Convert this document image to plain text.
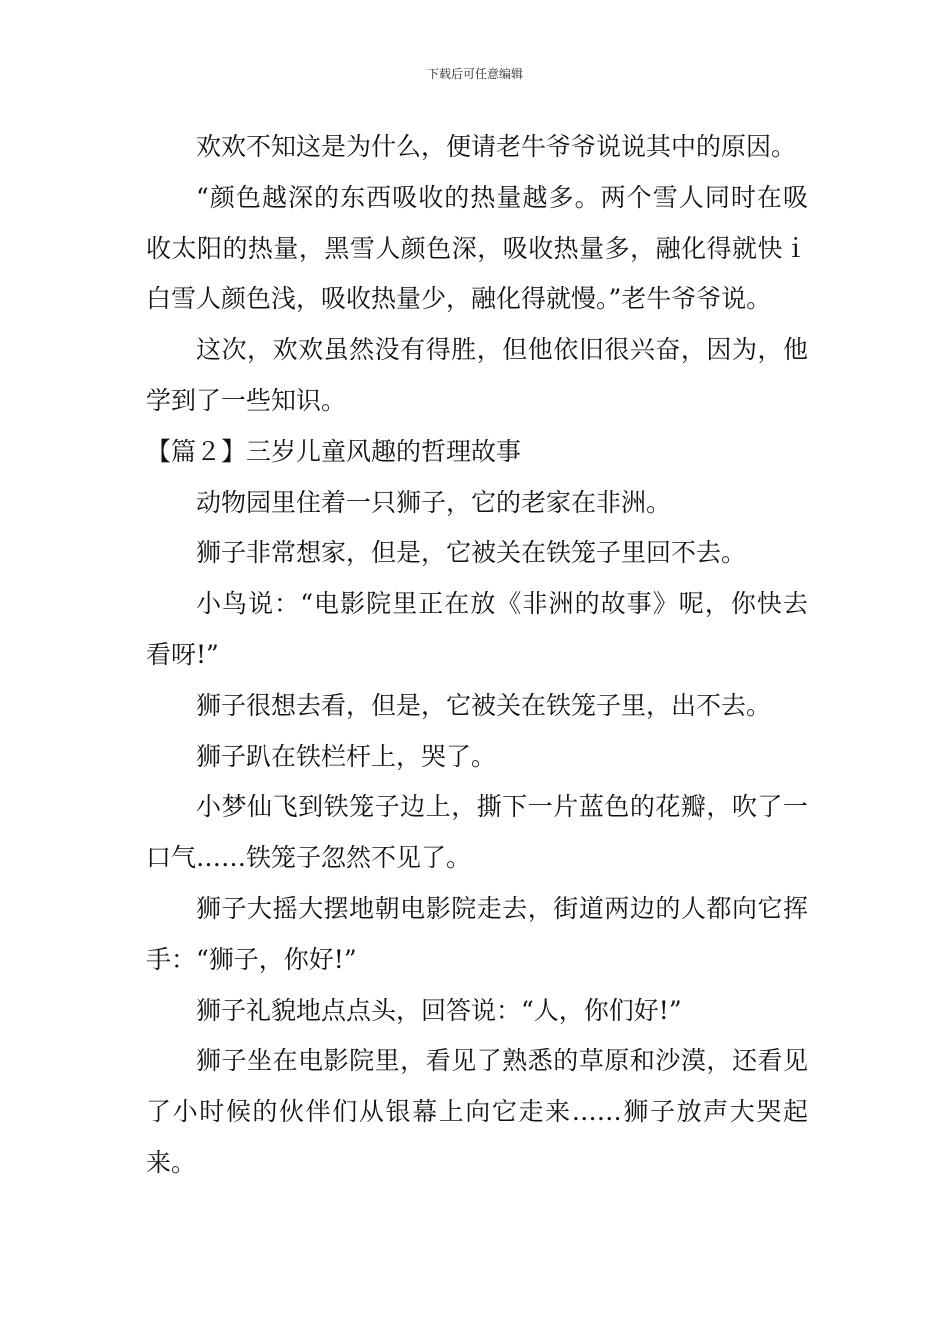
下载后可任意编辑

欢欢不知这是为什么，便请老牛爷爷说说其中的原因。

“颜色越深的东西吸收的热量越多。两个雪人同时在吸收太阳的热量，黑雪人颜色深，吸收热量多，融化得就快ｉ白雪人颜色浅，吸收热量少，融化得就慢。”老牛爷爷说。

这次，欢欢虽然没有得胜，但他依旧很兴奋，因为，他学到了一些知识。

【篇２】三岁儿童风趣的哲理故事

动物园里住着一只狮子，它的老家在非洲。

狮子非常想家，但是，它被关在铁笼子里回不去。

小鸟说：“电影院里正在放《非洲的故事》呢，你快去看呀!”

狮子很想去看，但是，它被关在铁笼子里，出不去。

狮子趴在铁栏杆上，哭了。

小梦仙飞到铁笼子边上，撕下一片蓝色的花瓣，吹了一口气……铁笼子忽然不见了。

狮子大摇大摆地朝电影院走去，街道两边的人都向它挥手：“狮子，你好!”

狮子礼貌地点点头，回答说：“人，你们好!”

狮子坐在电影院里，看见了熟悉的草原和沙漠，还看见了小时候的伙伴们从银幕上向它走来……狮子放声大哭起来。
